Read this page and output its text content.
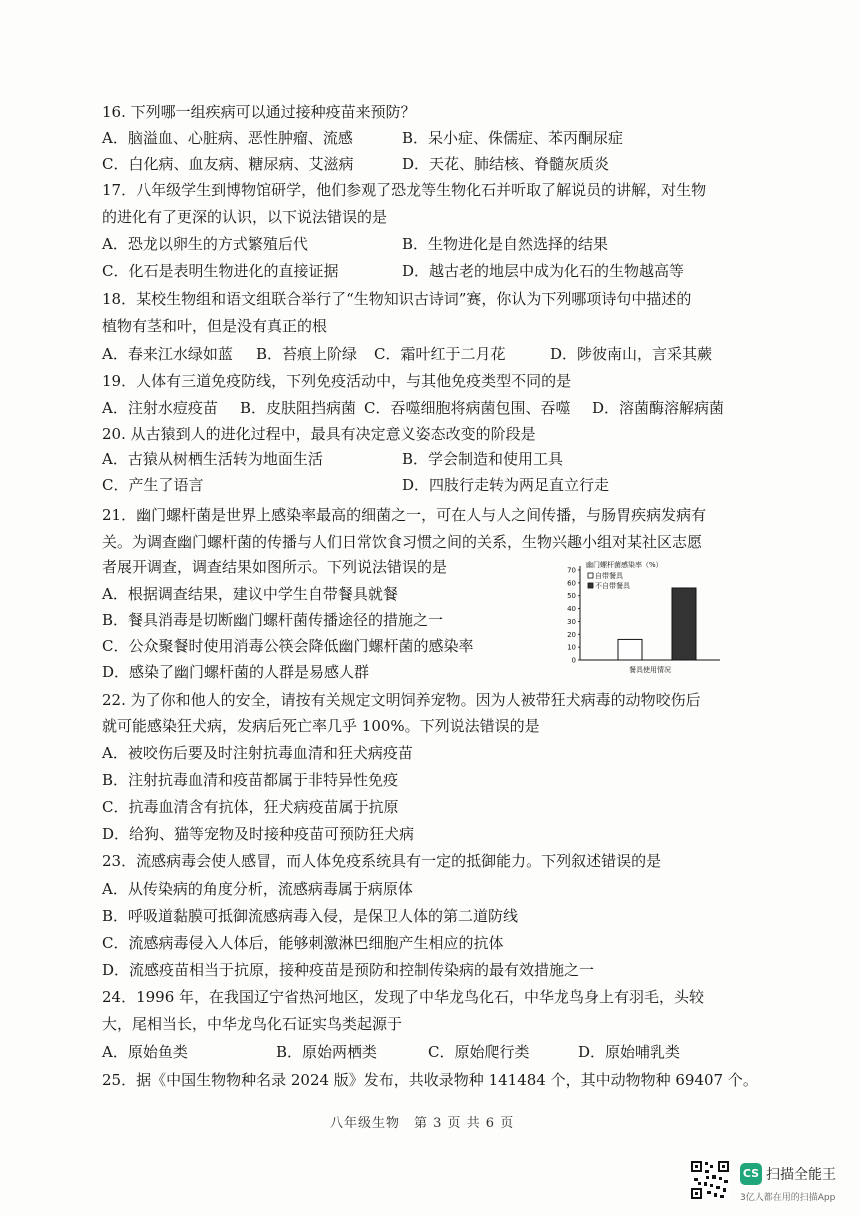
16. 下列哪一组疾病可以通过接种疫苗来预防？
A．脑溢血、心脏病、恶性肿瘤、流感	B．呆小症、侏儒症、苯丙酮尿症
C．白化病、血友病、糖尿病、艾滋病	D．天花、肺结核、脊髓灰质炎
17．八年级学生到博物馆研学，他们参观了恐龙等生物化石并听取了解说员的讲解，对生物
的进化有了更深的认识，以下说法错误的是
A．恐龙以卵生的方式繁殖后代	B．生物进化是自然选择的结果
C．化石是表明生物进化的直接证据	D．越古老的地层中成为化石的生物越高等
18．某校生物组和语文组联合举行了“生物知识古诗词”赛，你认为下列哪项诗句中描述的
植物有茎和叶，但是没有真正的根
A．春来江水绿如蓝 B．苔痕上阶绿 C．霜叶红于二月花	D．陟彼南山，言采其蕨
19．人体有三道免疫防线，下列免疫活动中，与其他免疫类型不同的是
A．注射水痘疫苗 B．皮肤阻挡病菌 C．吞噬细胞将病菌包围、吞噬 D．溶菌酶溶解病菌
20. 从古猿到人的进化过程中，最具有决定意义姿态改变的阶段是
A．古猿从树栖生活转为地面生活	B．学会制造和使用工具
C．产生了语言	D．四肢行走转为两足直立行走
21．幽门螺杆菌是世界上感染率最高的细菌之一，可在人与人之间传播，与肠胃疾病发病有
关。为调查幽门螺杆菌的传播与人们日常饮食习惯之间的关系，生物兴趣小组对某社区志愿
者展开调查，调查结果如图所示。下列说法错误的是
A．根据调查结果，建议中学生自带餐具就餐
B．餐具消毒是切断幽门螺杆菌传播途径的措施之一
C．公众聚餐时使用消毒公筷会降低幽门螺杆菌的感染率
D．感染了幽门螺杆菌的人群是易感人群
幽门螺杆菌感染率（%）
0
10
20
30
40
50
60
70
自带餐具
不自带餐具
餐具使用情况
22. 为了你和他人的安全，请按有关规定文明饲养宠物。因为人被带狂犬病毒的动物咬伤后
就可能感染狂犬病，发病后死亡率几乎 100%。下列说法错误的是
A．被咬伤后要及时注射抗毒血清和狂犬病疫苗
B．注射抗毒血清和疫苗都属于非特异性免疫
C．抗毒血清含有抗体，狂犬病疫苗属于抗原
D．给狗、猫等宠物及时接种疫苗可预防狂犬病
23．流感病毒会使人感冒，而人体免疫系统具有一定的抵御能力。下列叙述错误的是
A．从传染病的角度分析，流感病毒属于病原体
B．呼吸道黏膜可抵御流感病毒入侵，是保卫人体的第二道防线
C．流感病毒侵入人体后，能够刺激淋巴细胞产生相应的抗体
D．流感疫苗相当于抗原，接种疫苗是预防和控制传染病的最有效措施之一
24．1996 年，在我国辽宁省热河地区，发现了中华龙鸟化石，中华龙鸟身上有羽毛，头较
大，尾相当长，中华龙鸟化石证实鸟类起源于
A．原始鱼类	B．原始两栖类	C．原始爬行类	D．原始哺乳类
25．据《中国生物物种名录 2024 版》发布，共收录物种 141484 个，其中动物物种 69407 个。
八年级生物　第 3 页 共 6 页
CS 扫描全能王
3亿人都在用的扫描App
